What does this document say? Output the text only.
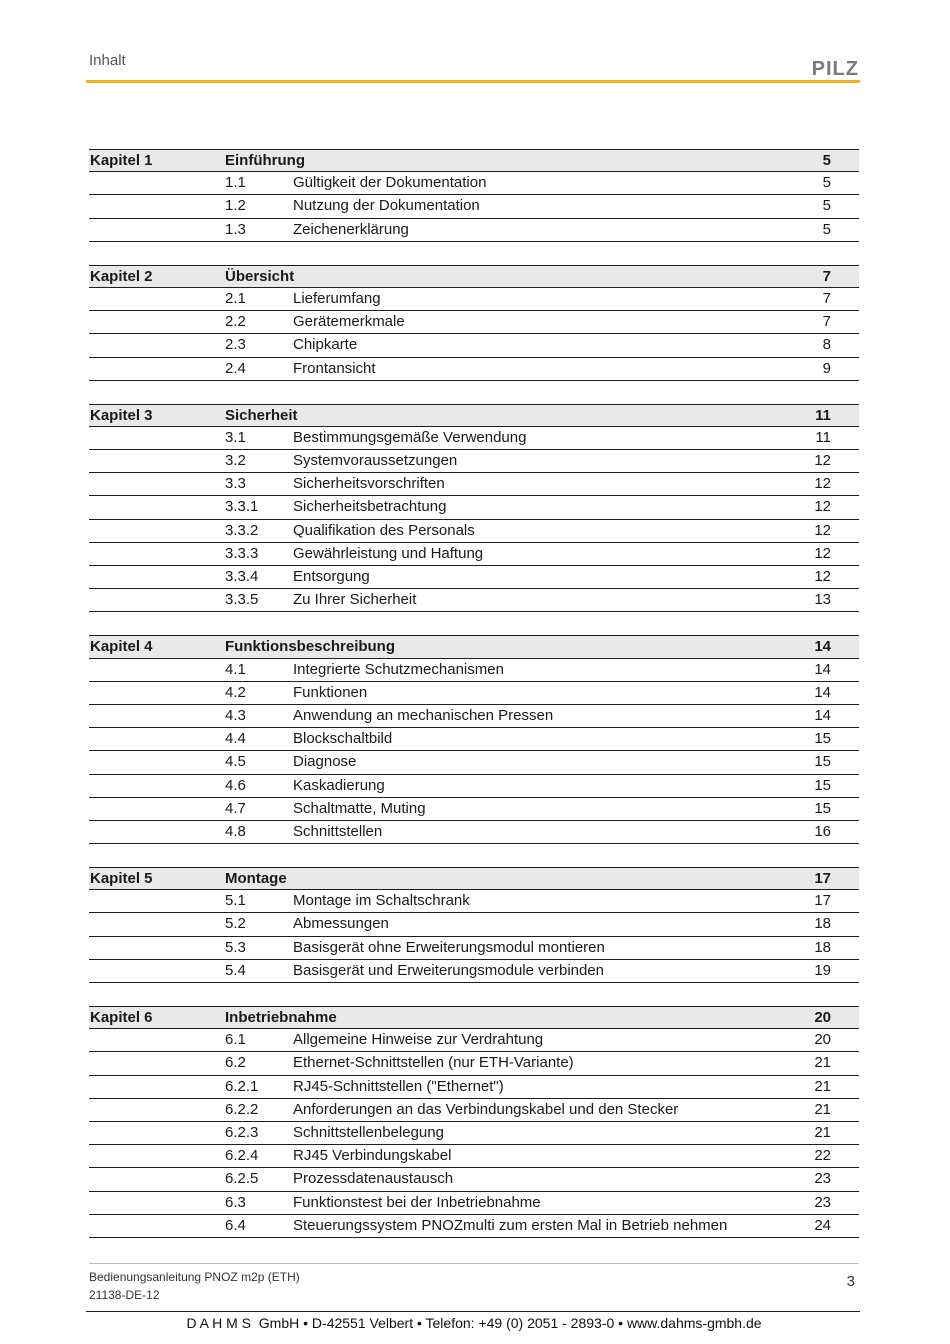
Inhalt	PILZ
Kapitel 1	Einführung	5
1.1	Gültigkeit der Dokumentation	5
1.2	Nutzung der Dokumentation	5
1.3	Zeichenerklärung	5
Kapitel 2	Übersicht	7
2.1	Lieferumfang	7
2.2	Gerätemerkmale	7
2.3	Chipkarte	8
2.4	Frontansicht	9
Kapitel 3	Sicherheit	11
3.1	Bestimmungsgemäße Verwendung	11
3.2	Systemvoraussetzungen	12
3.3	Sicherheitsvorschriften	12
3.3.1 Sicherheitsbetrachtung	12
3.3.2 Qualifikation des Personals	12
3.3.3 Gewährleistung und Haftung	12
3.3.4 Entsorgung	12
3.3.5 Zu Ihrer Sicherheit	13
Kapitel 4	Funktionsbeschreibung	14
4.1	Integrierte Schutzmechanismen	14
4.2	Funktionen	14
4.3	Anwendung an mechanischen Pressen	14
4.4	Blockschaltbild	15
4.5	Diagnose	15
4.6	Kaskadierung	15
4.7	Schaltmatte, Muting	15
4.8	Schnittstellen	16
Kapitel 5	Montage	17
5.1	Montage im Schaltschrank	17
5.2	Abmessungen	18
5.3	Basisgerät ohne Erweiterungsmodul montieren	18
5.4	Basisgerät und Erweiterungsmodule verbinden	19
Kapitel 6	Inbetriebnahme	20
6.1	Allgemeine Hinweise zur Verdrahtung	20
6.2	Ethernet-Schnittstellen (nur ETH-Variante)	21
6.2.1 RJ45-Schnittstellen ("Ethernet")	21
6.2.2 Anforderungen an das Verbindungskabel und den Stecker	21
6.2.3 Schnittstellenbelegung	21
6.2.4 RJ45 Verbindungskabel	22
6.2.5 Prozessdatenaustausch	23
6.3	Funktionstest bei der Inbetriebnahme	23
6.4	Steuerungssystem PNOZmulti zum ersten Mal in Betrieb nehmen	24
Bedienungsanleitung PNOZ m2p (ETH)
21138-DE-12
3
D A H M S  GmbH • D-42551 Velbert • Telefon: +49 (0) 2051 - 2893-0 • www.dahms-gmbh.de
